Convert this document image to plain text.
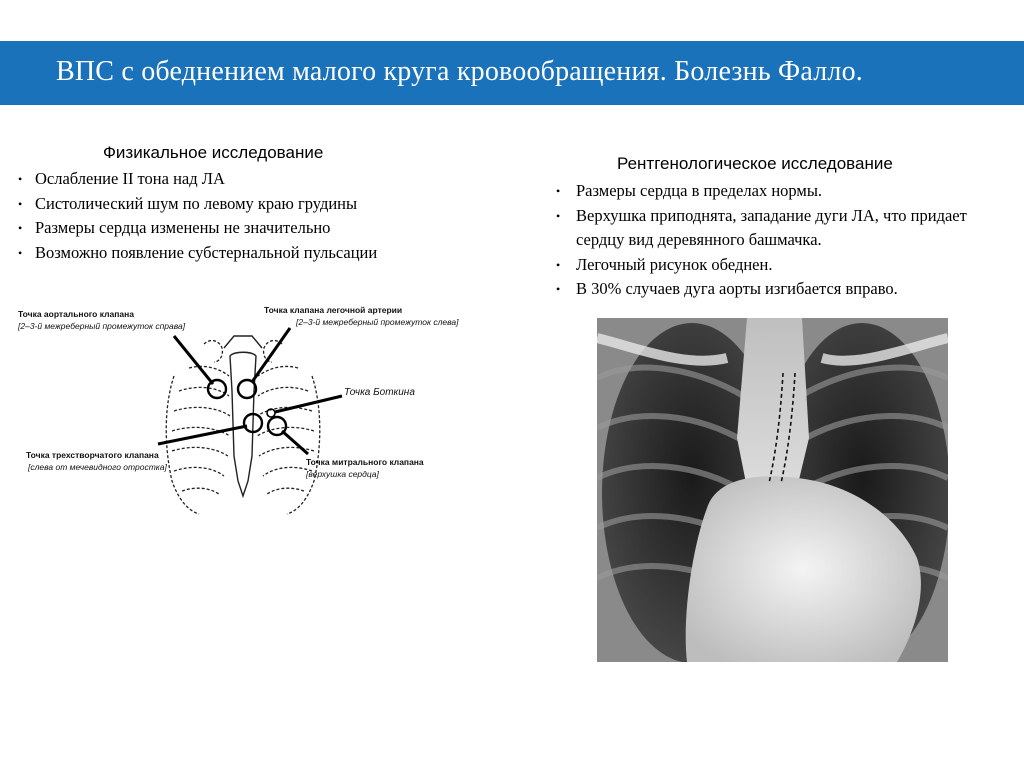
ВПС с обеднением малого круга кровообращения. Болезнь Фалло.
Физикальное исследование
• Ослабление II тона над ЛА
• Систолический шум по левому краю грудины
• Размеры сердца изменены не значительно
• Возможно появление субстернальной пульсации
Рентгенологическое исследование
• Размеры сердца в пределах нормы.
• Верхушка приподнята, западание дуги ЛА, что придает сердцу вид деревянного башмачка.
• Легочный рисунок обеднен.
• В 30% случаев дуга аорты изгибается вправо.
Точка аортального клапана
[2–3-й межреберный промежуток справа]
Точка клапана легочной артерии
[2–3-й межреберный промежуток слева]
Точка Боткина
Точка трехстворчатого клапана
[слева от мечевидного отростка]	Точка митрального клапана
[верхушка сердца]
